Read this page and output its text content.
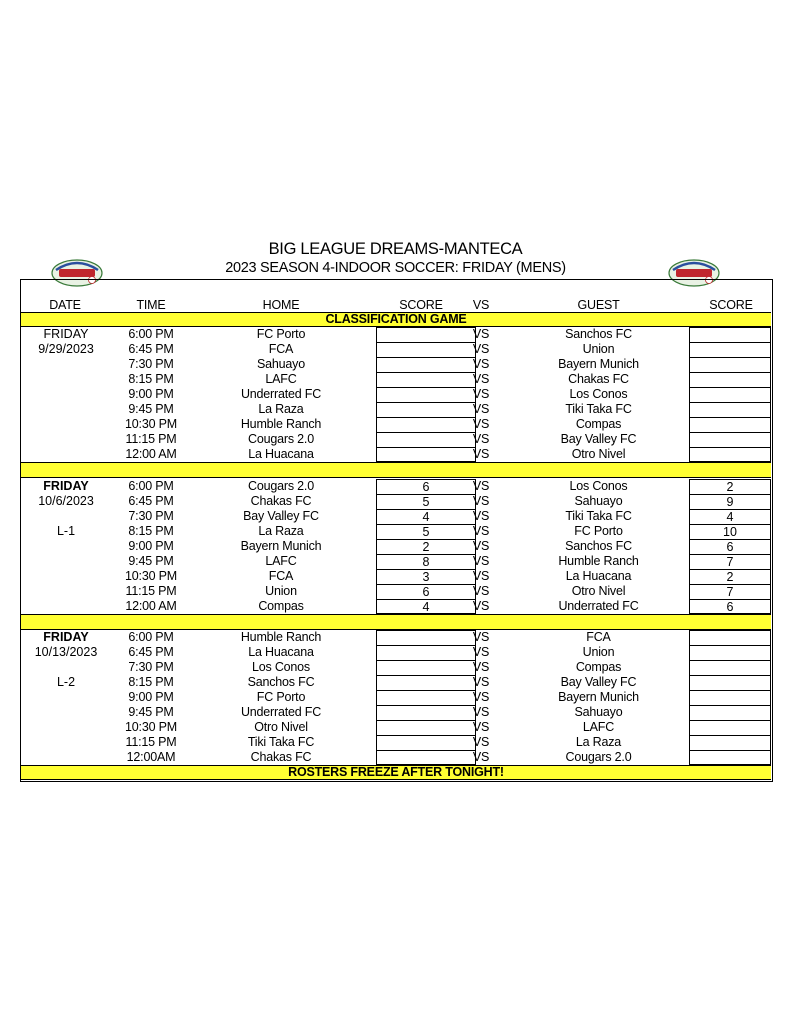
BIG LEAGUE DREAMS-MANTECA
2023 SEASON 4-INDOOR SOCCER: FRIDAY (MENS)
DATE	TIME	HOME	SCORE	VS	GUEST	SCORE
CLASSIFICATION GAME
FRIDAY
9/29/2023
6:00 PM	FC Porto	VS	Sanchos FC
6:45 PM	FCA	VS	Union
7:30 PM	Sahuayo	VS	Bayern Munich
8:15 PM	LAFC	VS	Chakas FC
9:00 PM	Underrated FC	VS	Los Conos
9:45 PM	La Raza	VS	Tiki Taka FC
10:30 PM	Humble Ranch	VS	Compas
11:15 PM	Cougars 2.0	VS	Bay Valley FC
12:00 AM	La Huacana	VS	Otro Nivel
FRIDAY
10/6/2023
L-1
6:00 PM	Cougars 2.0	6	VS	Los Conos	2
6:45 PM	Chakas FC	5	VS	Sahuayo	9
7:30 PM	Bay Valley FC	4	VS	Tiki Taka FC	4
8:15 PM	La Raza	5	VS	FC Porto	10
9:00 PM	Bayern Munich	2	VS	Sanchos FC	6
9:45 PM	LAFC	8	VS	Humble Ranch	7
10:30 PM	FCA	3	VS	La Huacana	2
11:15 PM	Union	6	VS	Otro Nivel	7
12:00 AM	Compas	4	VS	Underrated FC	6
FRIDAY
10/13/2023
L-2
6:00 PM	Humble Ranch	VS	FCA
6:45 PM	La Huacana	VS	Union
7:30 PM	Los Conos	VS	Compas
8:15 PM	Sanchos FC	VS	Bay Valley FC
9:00 PM	FC Porto	VS	Bayern Munich
9:45 PM	Underrated FC	VS	Sahuayo
10:30 PM	Otro Nivel	VS	LAFC
11:15 PM	Tiki Taka FC	VS	La Raza
12:00AM	Chakas FC	VS	Cougars 2.0
ROSTERS FREEZE AFTER TONIGHT!
